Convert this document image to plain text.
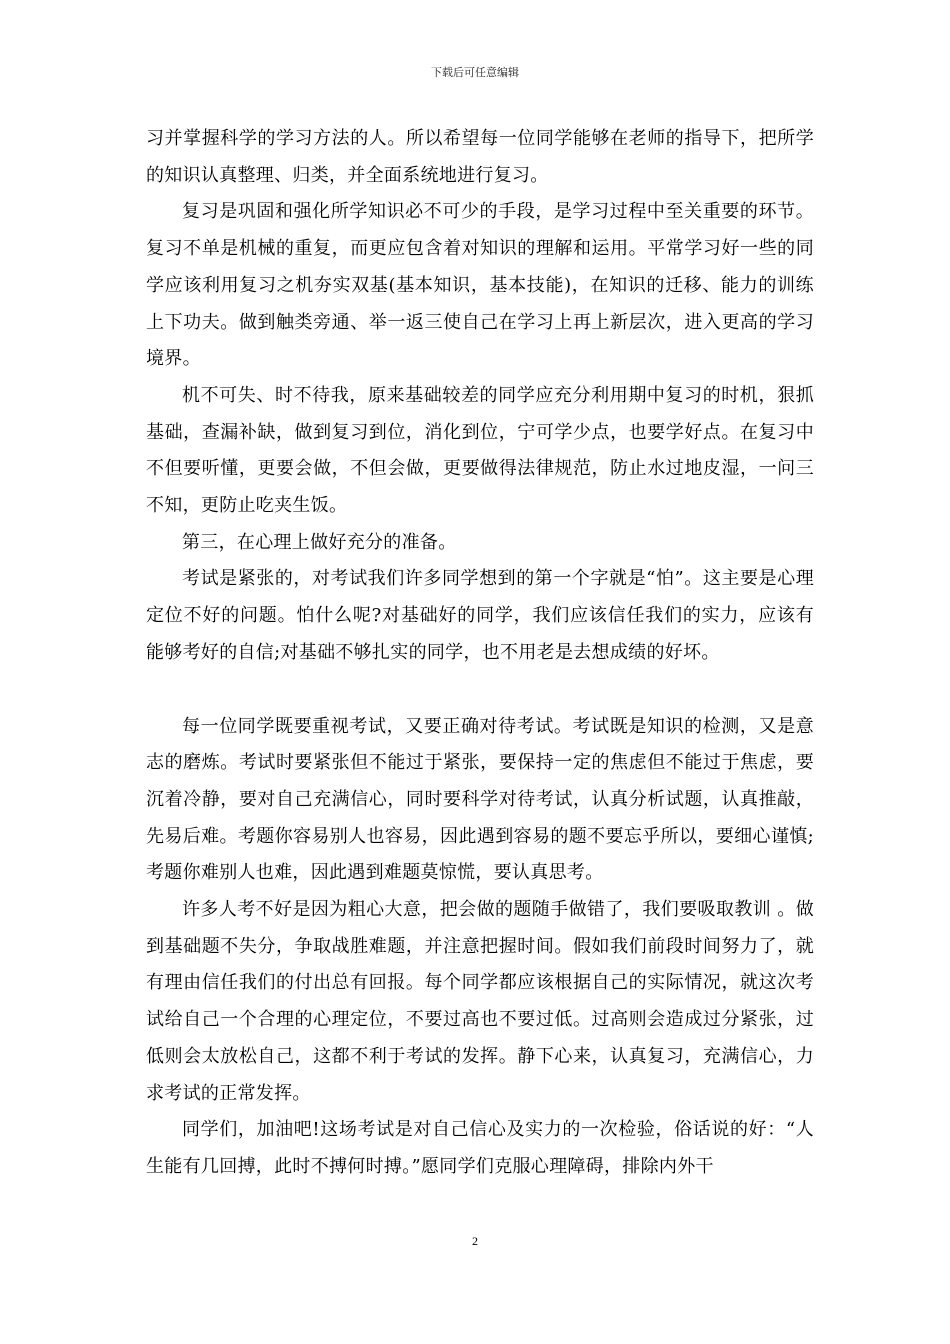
下载后可任意编辑

习并掌握科学的学习方法的人。所以希望每一位同学能够在老师的指导下，把所学的知识认真整理、归类，并全面系统地进行复习。

复习是巩固和强化所学知识必不可少的手段，是学习过程中至关重要的环节。复习不单是机械的重复，而更应包含着对知识的理解和运用。平常学习好一些的同学应该利用复习之机夯实双基(基本知识，基本技能)，在知识的迁移、能力的训练上下功夫。做到触类旁通、举一返三使自己在学习上再上新层次，进入更高的学习境界。

机不可失、时不待我，原来基础较差的同学应充分利用期中复习的时机，狠抓基础，查漏补缺，做到复习到位，消化到位，宁可学少点，也要学好点。在复习中不但要听懂，更要会做，不但会做，更要做得法律规范，防止水过地皮湿，一问三不知，更防止吃夹生饭。

第三，在心理上做好充分的准备。

考试是紧张的，对考试我们许多同学想到的第一个字就是“怕”。这主要是心理定位不好的问题。怕什么呢?对基础好的同学，我们应该信任我们的实力，应该有能够考好的自信;对基础不够扎实的同学，也不用老是去想成绩的好坏。

每一位同学既要重视考试，又要正确对待考试。考试既是知识的检测，又是意志的磨炼。考试时要紧张但不能过于紧张，要保持一定的焦虑但不能过于焦虑，要沉着冷静，要对自己充满信心，同时要科学对待考试，认真分析试题，认真推敲，先易后难。考题你容易别人也容易，因此遇到容易的题不要忘乎所以，要细心谨慎;考题你难别人也难，因此遇到难题莫惊慌，要认真思考。

许多人考不好是因为粗心大意，把会做的题随手做错了，我们要吸取教训 。做到基础题不失分，争取战胜难题，并注意把握时间。假如我们前段时间努力了，就有理由信任我们的付出总有回报。每个同学都应该根据自己的实际情况，就这次考试给自己一个合理的心理定位，不要过高也不要过低。过高则会造成过分紧张，过低则会太放松自己，这都不利于考试的发挥。静下心来，认真复习，充满信心，力求考试的正常发挥。

同学们，加油吧!这场考试是对自己信心及实力的一次检验，俗话说的好：“人生能有几回搏，此时不搏何时搏。”愿同学们克服心理障碍，排除内外干

2
